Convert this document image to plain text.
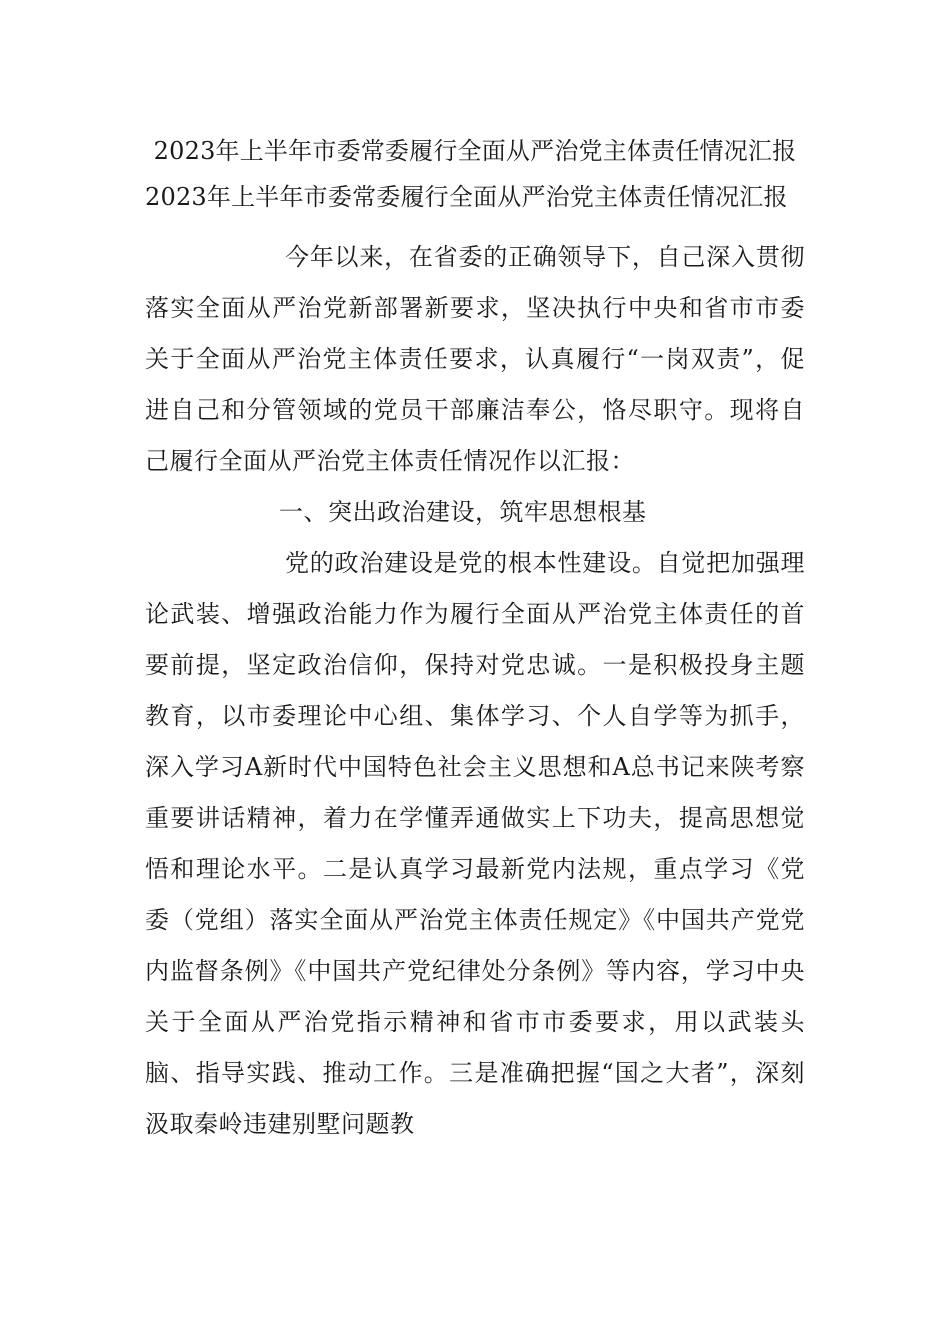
2023年上半年市委常委履行全面从严治党主体责任情况汇报

2023年上半年市委常委履行全面从严治党主体责任情况汇报

今年以来，在省委的正确领导下，自己深入贯彻落实全面从严治党新部署新要求，坚决执行中央和省市市委关于全面从严治党主体责任要求，认真履行“一岗双责”，促进自己和分管领域的党员干部廉洁奉公，恪尽职守。现将自己履行全面从严治党主体责任情况作以汇报：

一、突出政治建设，筑牢思想根基

党的政治建设是党的根本性建设。自觉把加强理论武装、增强政治能力作为履行全面从严治党主体责任的首要前提，坚定政治信仰，保持对党忠诚。一是积极投身主题教育，以市委理论中心组、集体学习、个人自学等为抓手，深入学习A新时代中国特色社会主义思想和A总书记来陕考察重要讲话精神，着力在学懂弄通做实上下功夫，提高思想觉悟和理论水平。二是认真学习最新党内法规，重点学习《党委（党组）落实全面从严治党主体责任规定》《中国共产党党内监督条例》《中国共产党纪律处分条例》等内容，学习中央关于全面从严治党指示精神和省市市委要求，用以武装头脑、指导实践、推动工作。三是准确把握“国之大者”，深刻汲取秦岭违建别墅问题教
